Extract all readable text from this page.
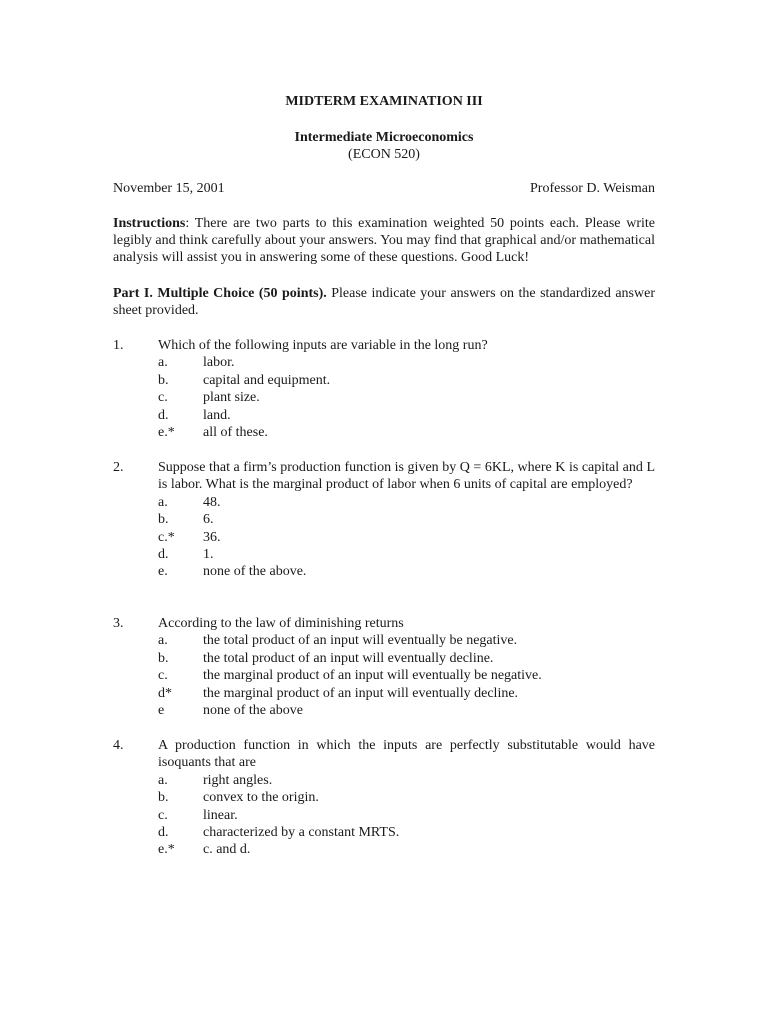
MIDTERM EXAMINATION III
Intermediate Microeconomics
(ECON 520)
November 15, 2001	Professor D. Weisman
Instructions: There are two parts to this examination weighted 50 points each. Please write legibly and think carefully about your answers. You may find that graphical and/or mathematical analysis will assist you in answering some of these questions. Good Luck!
Part I. Multiple Choice (50 points). Please indicate your answers on the standardized answer sheet provided.
1.	Which of the following inputs are variable in the long run?
a.	labor.
b.	capital and equipment.
c.	plant size.
d.	land.
e.*	all of these.
2.	Suppose that a firm’s production function is given by Q = 6KL, where K is capital and L is labor. What is the marginal product of labor when 6 units of capital are employed?
a.	48.
b.	6.
c.*	36.
d.	1.
e.	none of the above.
3.	According to the law of diminishing returns
a.	the total product of an input will eventually be negative.
b.	the total product of an input will eventually decline.
c.	the marginal product of an input will eventually be negative.
d*	the marginal product of an input will eventually decline.
e	none of the above
4.	A production function in which the inputs are perfectly substitutable would have isoquants that are
a.	right angles.
b.	convex to the origin.
c.	linear.
d.	characterized by a constant MRTS.
e.*	c. and d.
